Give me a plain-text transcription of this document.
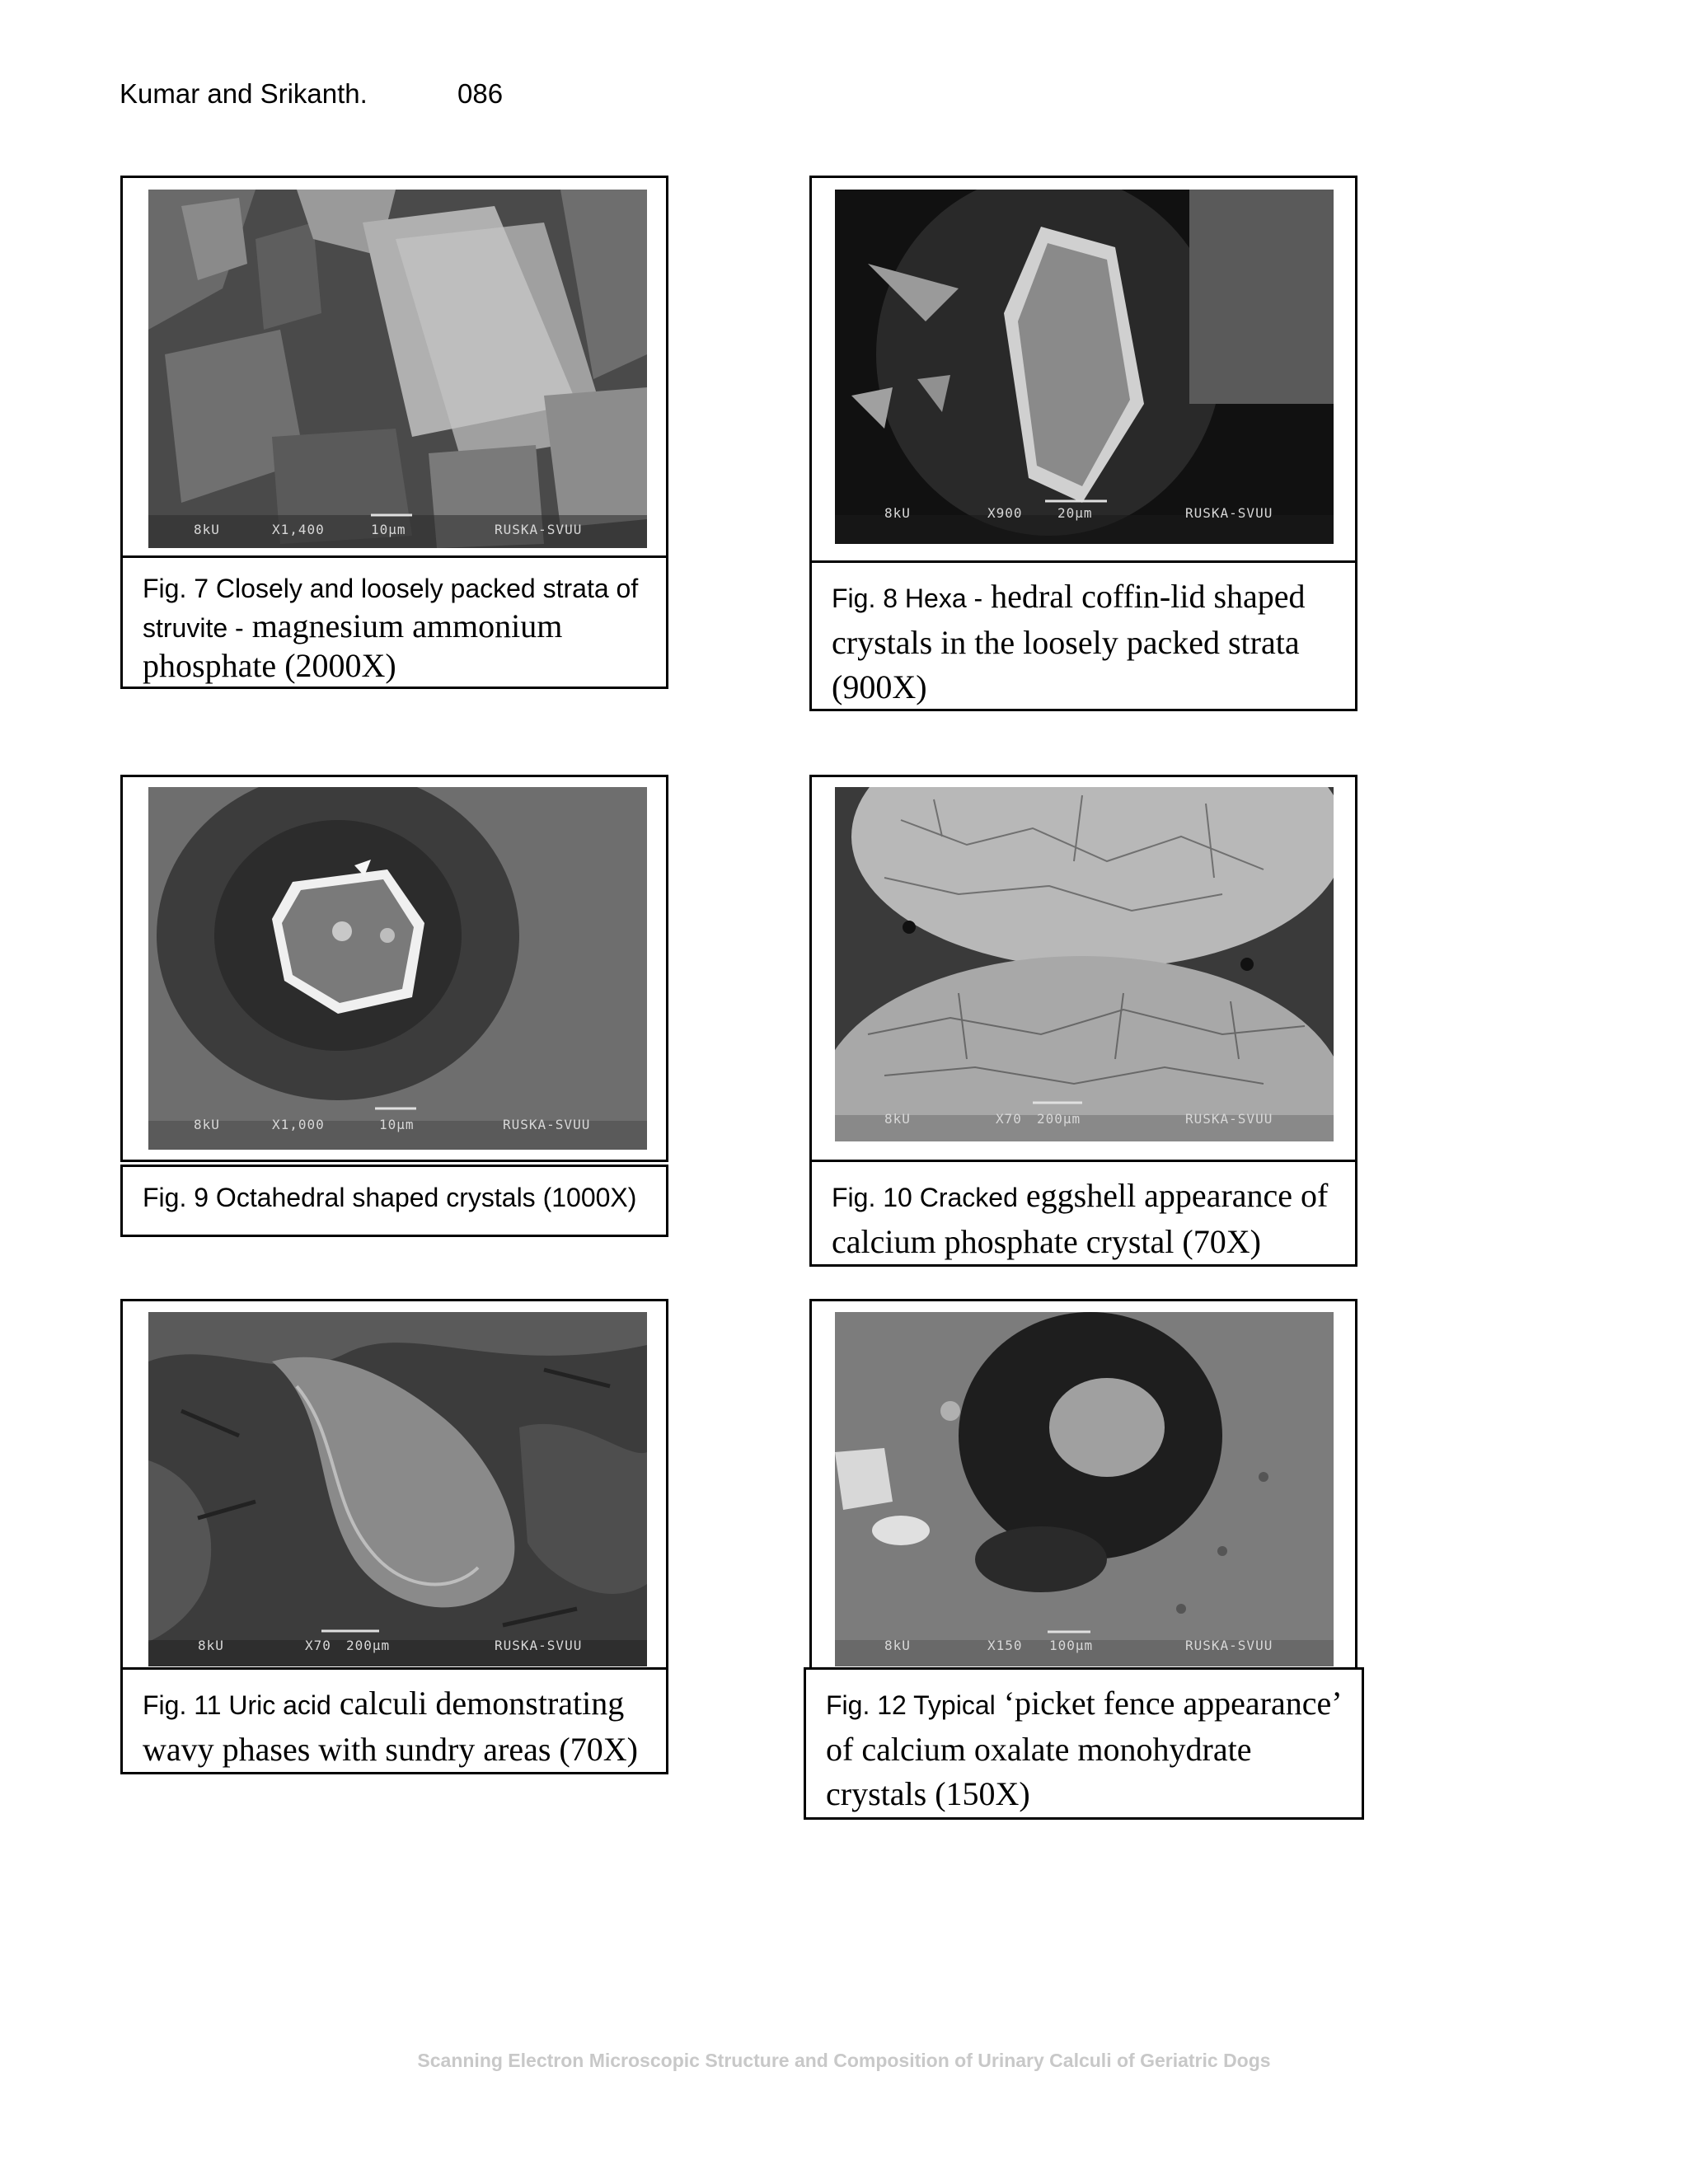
Kumar and Srikanth.	086
8kU	X1,400	10µm	RUSKA-SVUU
Fig. 7 Closely and loosely packed strata of struvite - magnesium ammonium phosphate (2000X)
8kU	X900	20µm	RUSKA-SVUU
Fig. 8 Hexa - hedral coffin-lid shaped crystals in the loosely packed strata (900X)
8kU	X1,000	10µm	RUSKA-SVUU
Fig. 9 Octahedral shaped crystals (1000X)
8kU	X70 200µm	RUSKA-SVUU
Fig. 10 Cracked eggshell appearance of calcium phosphate crystal (70X)
8kU	X70 200µm	RUSKA-SVUU
Fig. 11 Uric acid calculi demonstrating wavy phases with sundry areas (70X)
8kU	X150 100µm	RUSKA-SVUU
Fig. 12 Typical ‘picket fence appearance’ of calcium oxalate monohydrate crystals (150X)
Scanning Electron Microscopic Structure and Composition of Urinary Calculi of Geriatric Dogs
